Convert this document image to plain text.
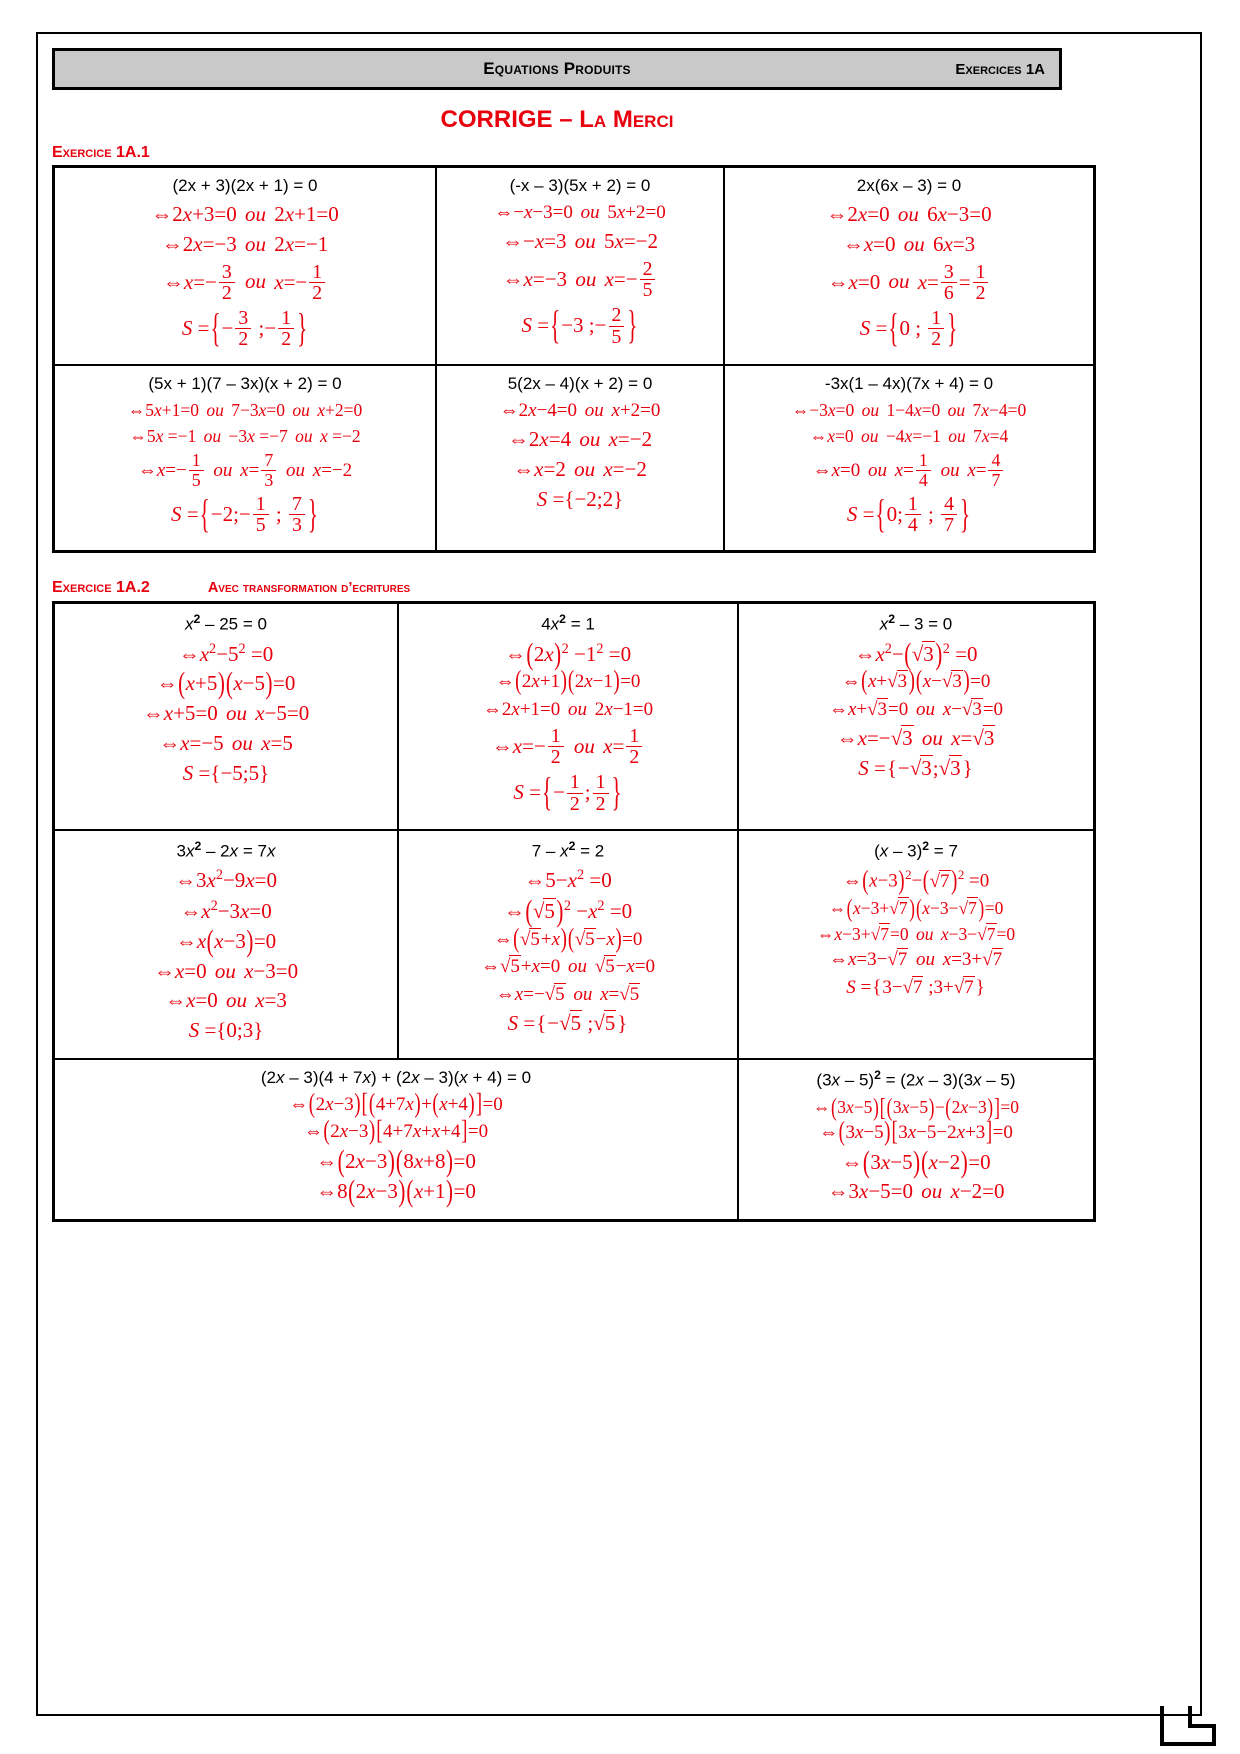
Equations Produits	Exercices 1A
CORRIGE – La Merci
Exercice 1A.1
(2x + 3)(2x + 1) = 0
⇔2x+3=0 ou 2x+1=0
⇔2x=−3 ou 2x=−1
⇔x=− $\frac{3}{2}$ ou $x=- \frac{1}{2}$
S ={− $\frac{3}{2}$ ;− $\frac{1}{2}$ }

(-x – 3)(5x + 2) = 0
⇔−x−3=0 ou 5x+2=0
⇔−x=3 ou 5x=−2
⇔x=−3 ou $x=- \frac{2}{5}$
S ={−3 ;− $\frac{2}{5}$ }

2x(6x – 3) = 0
⇔2x=0 ou 6x−3=0
⇔x=0 ou 6x=3
⇔x=0 ou $x= \frac{3}{6} = \frac{1}{2}$
S ={0 ; $\frac{1}{2}$ }

(5x + 1)(7 – 3x)(x + 2) = 0
⇔5x+1=0 ou 7−3x=0 ou x+2=0
⇔5x =−1 ou −3x =−7 ou x =−2
⇔x=− $\frac{1}{5}$ ou $x= \frac{7}{3}$ ou x=−2
S ={−2;− $\frac{1}{5}$ ; $\frac{7}{3}$ }

5(2x – 4)(x + 2) = 0
⇔2x−4=0 ou x+2=0
⇔2x=4 ou x=−2
⇔x=2 ou x=−2
S ={−2;2}

-3x(1 – 4x)(7x + 4) = 0
⇔−3x=0 ou 1−4x=0 ou 7x−4=0
⇔x=0 ou −4x=−1 ou 7x=4
⇔x=0 ou $x= \frac{1}{4}$ ou $x= \frac{4}{7}$
S ={0; $\frac{1}{4}$ ; $\frac{4}{7}$ }
Exercice 1A.2	Avec transformation d’ecritures
$x^2 - 25 = 0$
$\Leftrightarrow x^2-5^2 =0$
⇔(x+5)(x−5)=0
⇔x+5=0 ou x−5=0
⇔x=−5 ou x=5
S ={−5;5}

$4x^2 = 1$
$\Leftrightarrow(2x)^2 -1^2 =0$
⇔(2x+1)(2x−1)=0
⇔2x+1=0 ou 2x−1=0
⇔x=− $\frac{1}{2}$ ou $x= \frac{1}{2}$
S ={− $\frac{1}{2}$ ; $\frac{1}{2}$ }

$x^2 - 3 = 0$
$\Leftrightarrow x^2-(√3)^2 =0$
⇔(x+√3)(x−√3)=0
⇔x+√3=0 ou x−√3=0
⇔x=−√3 ou x=√3
S ={−√3;√3}

$3x^2 - 2x = 7x$
$\Leftrightarrow 3x^2-9x=0$
$\Leftrightarrow x^2-3x=0$
⇔x(x−3)=0
⇔x=0 ou x−3=0
⇔x=0 ou x=3
S ={0;3}

$7 - x^2 = 2$
$\Leftrightarrow 5-x^2 =0$
$\Leftrightarrow(√5)^2 -x^2 =0$
⇔(√5+x)(√5−x)=0
⇔√5+x=0 ou √5−x=0
⇔x=−√5 ou x=√5
S ={−√5 ;√5}

(x – 3)$^2$ = 7
$\Leftrightarrow(x-3)^2-(√7)^2 =0$
⇔(x−3+√7)(x−3−√7)=0
⇔x−3+√7=0 ou x−3−√7=0
⇔x=3−√7 ou x=3+√7
S ={3−√7 ;3+√7 }

(2x – 3)(4 + 7x) + (2x – 3)(x + 4) = 0
⇔(2x−3)[(4+7x)+(x+4)]=0
⇔(2x−3)[4+7x+x+4]=0
⇔(2x−3)(8x+8)=0
⇔8(2x−3)(x+1)=0

(3x – 5)$^2$ = (2x – 3)(3x – 5)
⇔(3x−5)[(3x−5)−(2x−3)]=0
⇔(3x−5)[3x−5−2x+3]=0
⇔(3x−5)(x−2)=0
⇔3x−5=0 ou x−2=0
